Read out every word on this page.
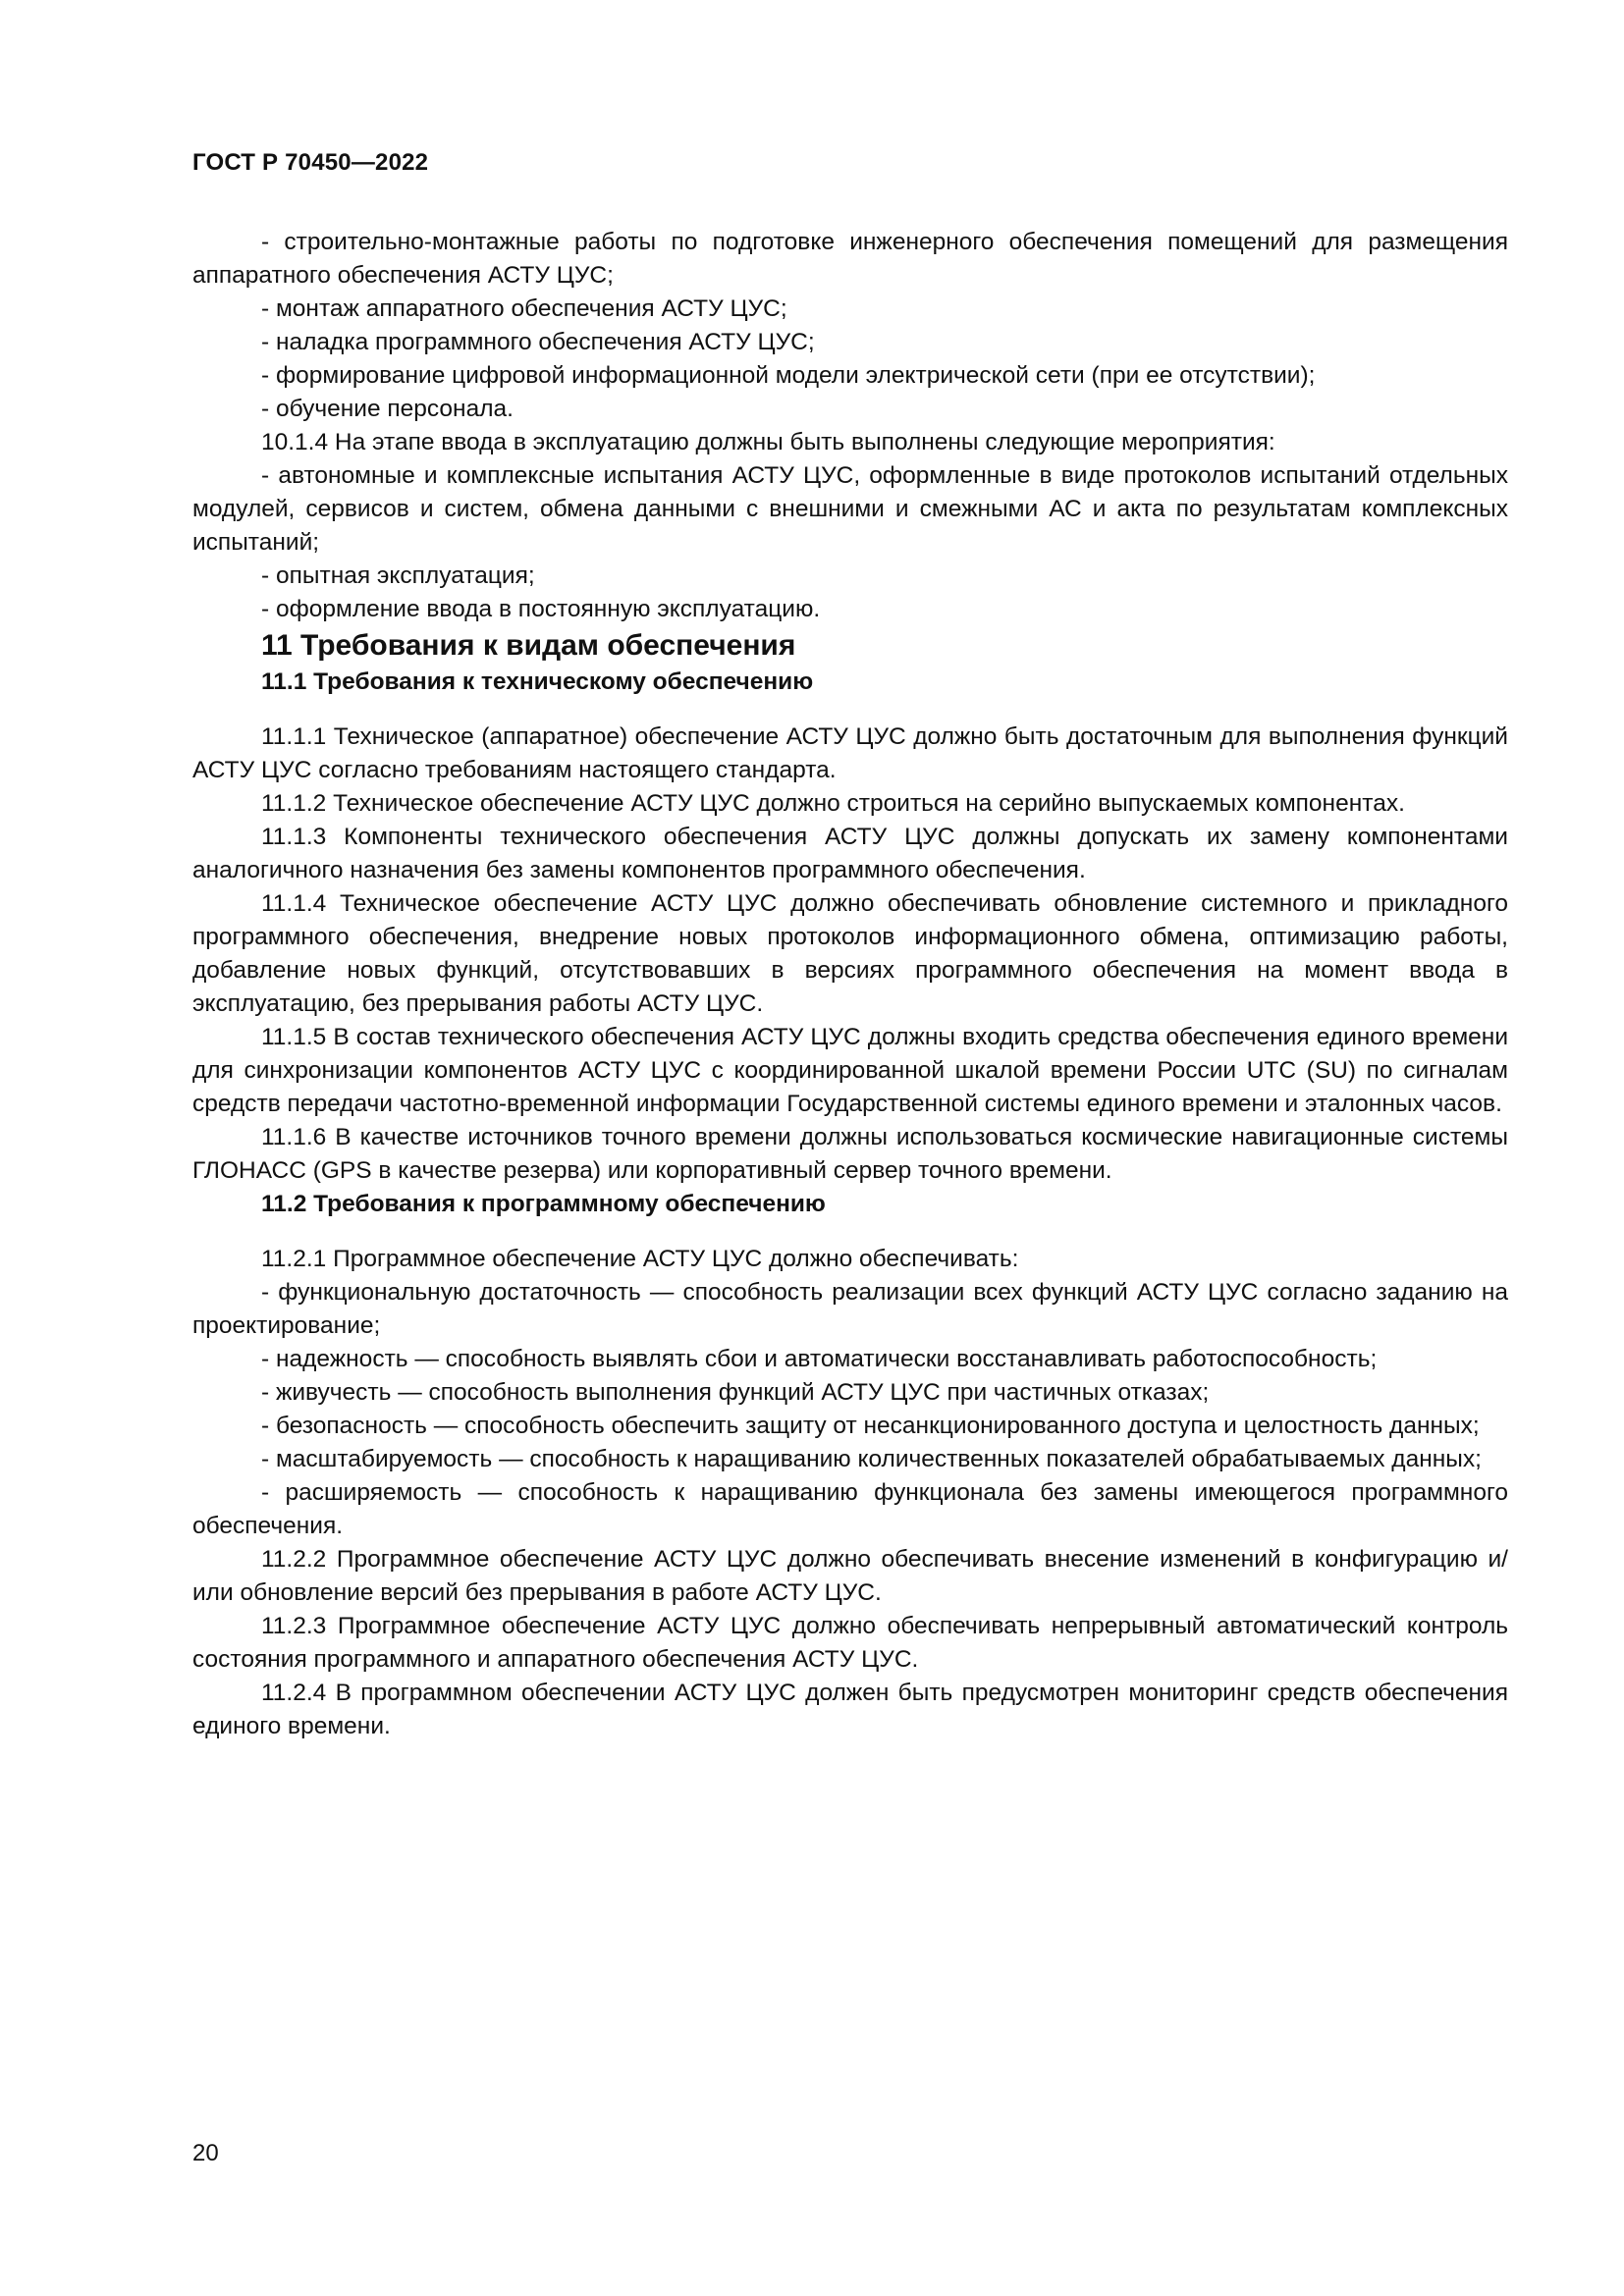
ГОСТ Р 70450—2022

- строительно-монтажные работы по подготовке инженерного обеспечения помещений для размещения аппаратного обеспечения АСТУ ЦУС;

- монтаж аппаратного обеспечения АСТУ ЦУС;

- наладка программного обеспечения АСТУ ЦУС;

- формирование цифровой информационной модели электрической сети (при ее отсутствии);

- обучение персонала.

10.1.4 На этапе ввода в эксплуатацию должны быть выполнены следующие мероприятия:

- автономные и комплексные испытания АСТУ ЦУС, оформленные в виде протоколов испытаний отдельных модулей, сервисов и систем, обмена данными с внешними и смежными АС и акта по результатам комплексных испытаний;

- опытная эксплуатация;

- оформление ввода в постоянную эксплуатацию.

11 Требования к видам обеспечения
11.1 Требования к техническому обеспечению

11.1.1 Техническое (аппаратное) обеспечение АСТУ ЦУС должно быть достаточным для выполнения функций АСТУ ЦУС согласно требованиям настоящего стандарта.

11.1.2 Техническое обеспечение АСТУ ЦУС должно строиться на серийно выпускаемых компонентах.

11.1.3 Компоненты технического обеспечения АСТУ ЦУС должны допускать их замену компонентами аналогичного назначения без замены компонентов программного обеспечения.

11.1.4 Техническое обеспечение АСТУ ЦУС должно обеспечивать обновление системного и прикладного программного обеспечения, внедрение новых протоколов информационного обмена, оптимизацию работы, добавление новых функций, отсутствовавших в версиях программного обеспечения на момент ввода в эксплуатацию, без прерывания работы АСТУ ЦУС.

11.1.5 В состав технического обеспечения АСТУ ЦУС должны входить средства обеспечения единого времени для синхронизации компонентов АСТУ ЦУС с координированной шкалой времени России UTC (SU) по сигналам средств передачи частотно-временной информации Государственной системы единого времени и эталонных часов.

11.1.6 В качестве источников точного времени должны использоваться космические навигационные системы ГЛОНАСС (GPS в качестве резерва) или корпоративный сервер точного времени.

11.2 Требования к программному обеспечению

11.2.1 Программное обеспечение АСТУ ЦУС должно обеспечивать:

- функциональную достаточность — способность реализации всех функций АСТУ ЦУС согласно заданию на проектирование;

- надежность — способность выявлять сбои и автоматически восстанавливать работоспособность;

- живучесть — способность выполнения функций АСТУ ЦУС при частичных отказах;

- безопасность — способность обеспечить защиту от несанкционированного доступа и целостность данных;

- масштабируемость — способность к наращиванию количественных показателей обрабатываемых данных;

- расширяемость — способность к наращиванию функционала без замены имеющегося программного обеспечения.

11.2.2 Программное обеспечение АСТУ ЦУС должно обеспечивать внесение изменений в конфигурацию и/или обновление версий без прерывания в работе АСТУ ЦУС.

11.2.3 Программное обеспечение АСТУ ЦУС должно обеспечивать непрерывный автоматический контроль состояния программного и аппаратного обеспечения АСТУ ЦУС.

11.2.4 В программном обеспечении АСТУ ЦУС должен быть предусмотрен мониторинг средств обеспечения единого времени.

20
